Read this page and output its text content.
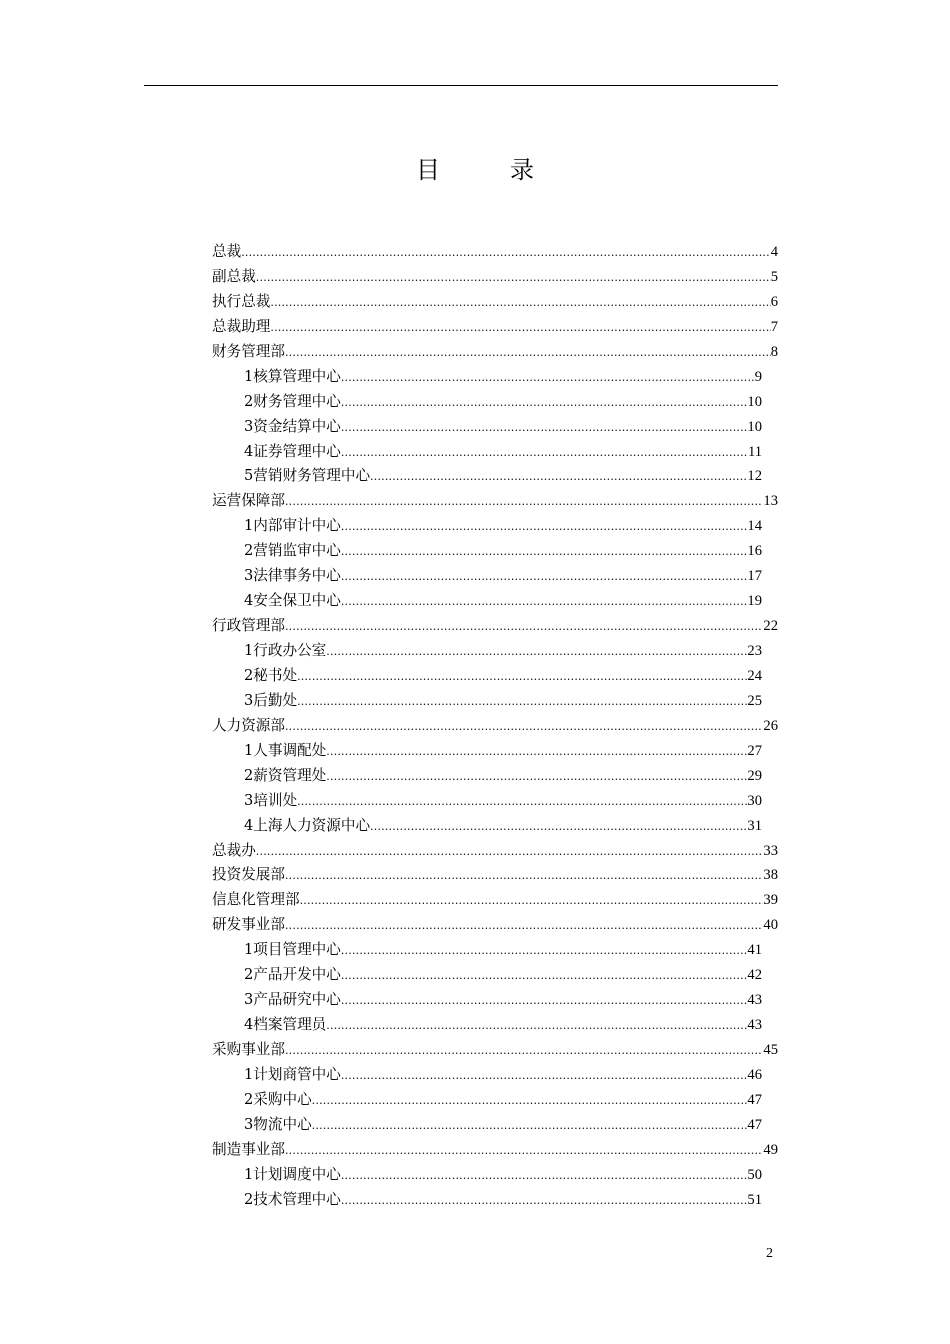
目录
总裁 .....	4
副总裁 .....	5
执行总裁 .....	6
总裁助理 .....	7
财务管理部 .....	8
1核算管理中心 .....	9
2财务管理中心 .....	10
3资金结算中心 .....	10
4证券管理中心 .....	11
5营销财务管理中心 .....	12
运营保障部 .....	13
1内部审计中心 .....	14
2营销监审中心 .....	16
3法律事务中心 .....	17
4安全保卫中心 .....	19
行政管理部 .....	22
1行政办公室 .....	23
2秘书处 .....	24
3后勤处 .....	25
人力资源部 .....	26
1人事调配处 .....	27
2薪资管理处 .....	29
3培训处 .....	30
4上海人力资源中心 .....	31
总裁办 .....	33
投资发展部 .....	38
信息化管理部 .....	39
研发事业部 .....	40
1项目管理中心 .....	41
2产品开发中心 .....	42
3产品研究中心 .....	43
4档案管理员 .....	43
采购事业部 .....	45
1计划商管中心 .....	46
2采购中心 .....	47
3物流中心 .....	47
制造事业部 .....	49
1计划调度中心 .....	50
2技术管理中心 .....	51
2
